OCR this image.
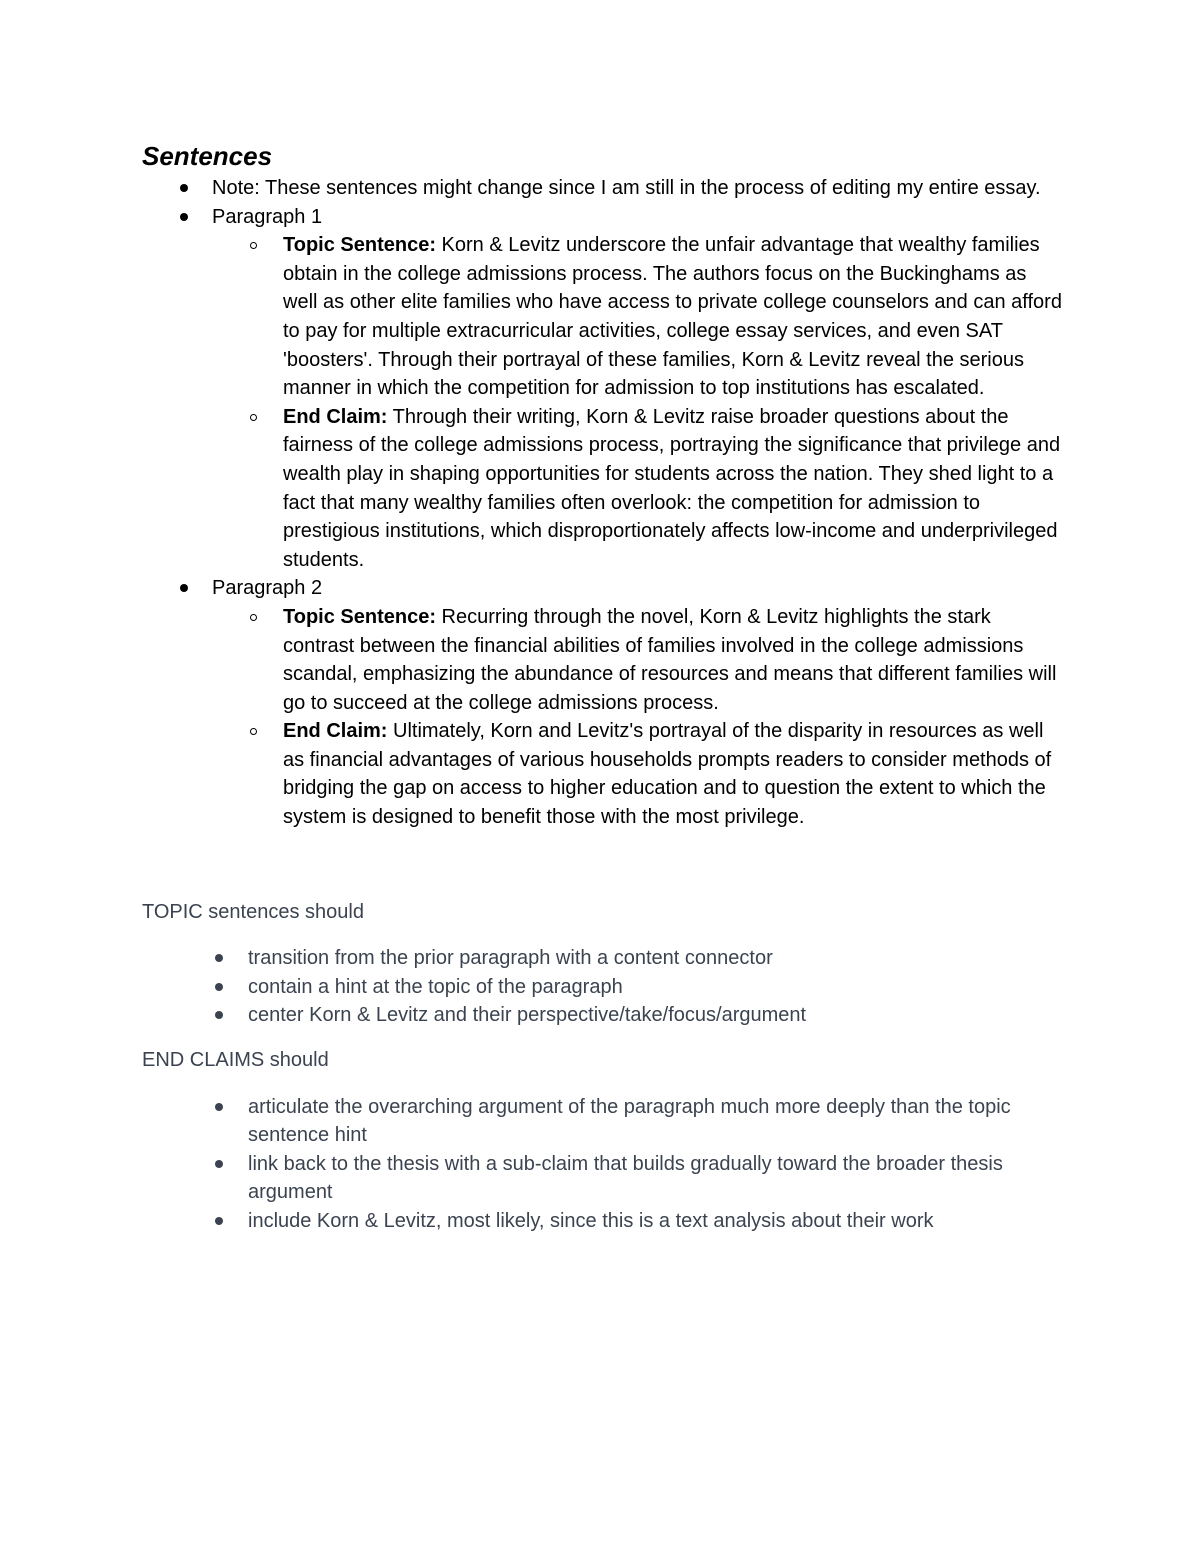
Sentences
Note: These sentences might change since I am still in the process of editing my entire essay.
Paragraph 1
Topic Sentence: Korn & Levitz underscore the unfair advantage that wealthy families obtain in the college admissions process. The authors focus on the Buckinghams as well as other elite families who have access to private college counselors and can afford to pay for multiple extracurricular activities, college essay services, and even SAT 'boosters'. Through their portrayal of these families, Korn & Levitz reveal the serious manner in which the competition for admission to top institutions has escalated.
End Claim: Through their writing, Korn & Levitz raise broader questions about the fairness of the college admissions process, portraying the significance that privilege and wealth play in shaping opportunities for students across the nation. They shed light to a fact that many wealthy families often overlook: the competition for admission to prestigious institutions, which disproportionately affects low-income and underprivileged students.
Paragraph 2
Topic Sentence: Recurring through the novel, Korn & Levitz highlights the stark contrast between the financial abilities of families involved in the college admissions scandal, emphasizing the abundance of resources and means that different families will go to succeed at the college admissions process.
End Claim: Ultimately, Korn and Levitz's portrayal of the disparity in resources as well as financial advantages of various households prompts readers to consider methods of bridging the gap on access to higher education and to question the extent to which the system is designed to benefit those with the most privilege.

TOPIC sentences should

transition from the prior paragraph with a content connector
contain a hint at the topic of the paragraph
center Korn & Levitz and their perspective/take/focus/argument

END CLAIMS should

articulate the overarching argument of the paragraph much more deeply than the topic sentence hint
link back to the thesis with a sub-claim that builds gradually toward the broader thesis argument
include Korn & Levitz, most likely, since this is a text analysis about their work
